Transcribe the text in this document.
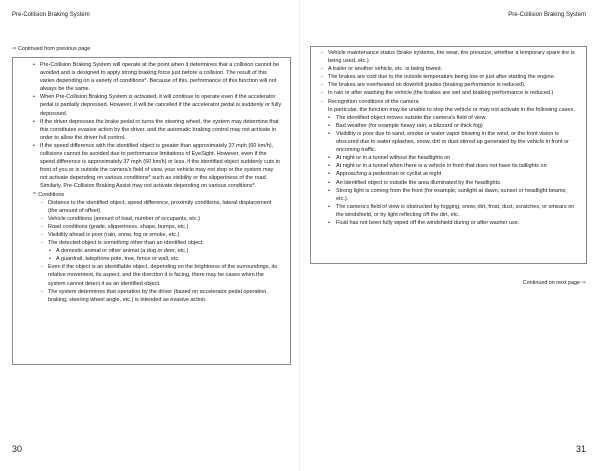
Pre-Collision Braking System
⇨ Continued from previous page

• Pre-Collision Braking System will operate at the point when it determines that a collision cannot be avoided and is designed to apply strong braking force just before a collision. The result of this varies depending on a variety of conditions*. Because of this, performance of this function will not always be the same.

• When Pre-Collision Braking System is activated, it will continue to operate even if the accelerator pedal is partially depressed. However, it will be canceled if the accelerator pedal is suddenly or fully depressed.

• If the driver depresses the brake pedal or turns the steering wheel, the system may determine that this constitutes evasive action by the driver, and the automatic braking control may not activate in order to allow the driver full control.

• If the speed difference with the identified object is greater than approximately 37 mph (60 km/h), collisions cannot be avoided due to performance limitations of EyeSight. However, even if the speed difference is approximately 37 mph (60 km/h) or less, if the identified object suddenly cuts in front of you or is outside the camera's field of view, your vehicle may not stop or the system may not activate depending on various conditions* such as visibility or the slipperiness of the road. Similarly, Pre-Collision Braking Assist may not activate depending on various conditions*.

*: Conditions

- Distance to the identified object, speed difference, proximity conditions, lateral displacement (the amount of offset)

- Vehicle conditions (amount of load, number of occupants, etc.)

- Road conditions (grade, slipperiness, shape, bumps, etc.)

- Visibility ahead is poor (rain, snow, fog or smoke, etc.)

- The detected object is something other than an identified object.

• A domestic animal or other animal (a dog or deer, etc.)

• A guardrail, telephone pole, tree, fence or wall, etc.

- Even if the object is an identifiable object, depending on the brightness of the surroundings, its relative movement, its aspect, and the direction it is facing, there may be cases when the system cannot detect it as an identified object.

- The system determines that operation by the driver (based on accelerator pedal operation, braking, steering wheel angle, etc.) is intended as evasive action.

30
Pre-Collision Braking System

- Vehicle maintenance status (brake systems, tire wear, tire pressure, whether a temporary spare tire is being used, etc.)

- A trailer or another vehicle, etc. is being towed.

- The brakes are cold due to the outside temperature being low or just after starting the engine.

- The brakes are overheated on downhill grades (braking performance is reduced).

- In rain or after washing the vehicle (the brakes are wet and braking performance is reduced.)

- Recognition conditions of the camera

In particular, the function may be unable to stop the vehicle or may not activate in the following cases.

• The identified object moves outside the camera's field of view.

• Bad weather (for example heavy rain, a blizzard or thick fog)

• Visibility is poor due to sand, smoke or water vapor blowing in the wind, or the front vision is obscured due to water splashes, snow, dirt or dust stirred up generated by the vehicle in front or oncoming traffic.

• At night or in a tunnel without the headlights on

• At night or in a tunnel when there is a vehicle in front that does not have its taillights on

• Approaching a pedestrian or cyclist at night

• An identified object is outside the area illuminated by the headlights.

• Strong light is coming from the front (for example, sunlight at dawn, sunset or headlight beams, etc.).

• The camera's field of view is obstructed by fogging, snow, dirt, frost, dust, scratches, or smears on the windshield, or by light reflecting off the dirt, etc.

• Fluid has not been fully wiped off the windshield during or after washer use.

Continued on next page ⇨
31
